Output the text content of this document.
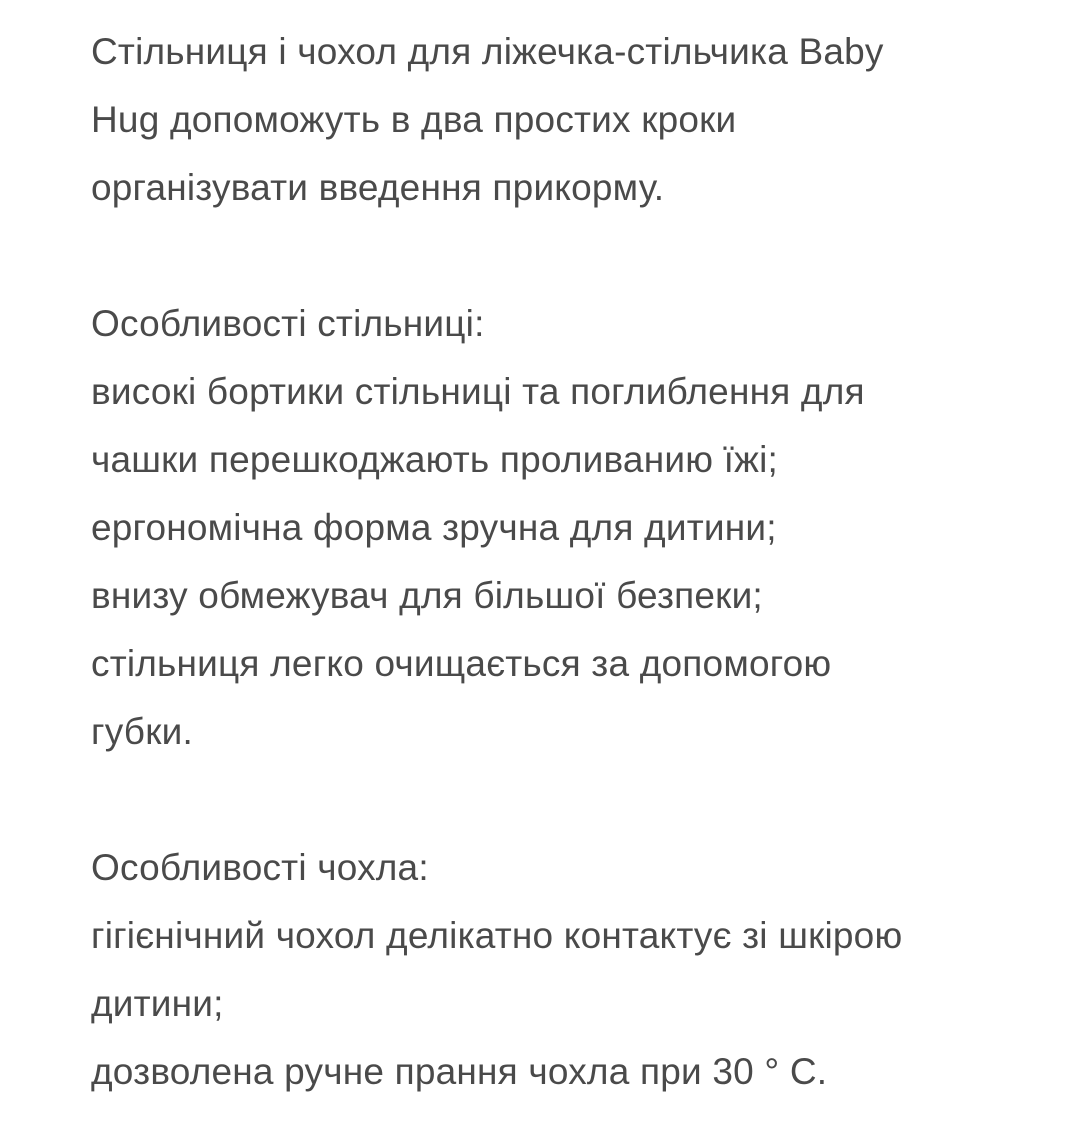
Стільниця і чохол для ліжечка-стільчика Baby
Hug допоможуть в два простих кроки
організувати введення прикорму.
Особливості стільниці:
високі бортики стільниці та поглиблення для
чашки перешкоджають проливанию їжі;
ергономічна форма зручна для дитини;
внизу обмежувач для більшої безпеки;
стільниця легко очищається за допомогою
губки.
Особливості чохла:
гігієнічний чохол делікатно контактує зі шкірою
дитини;
дозволена ручне прання чохла при 30 ° С.
